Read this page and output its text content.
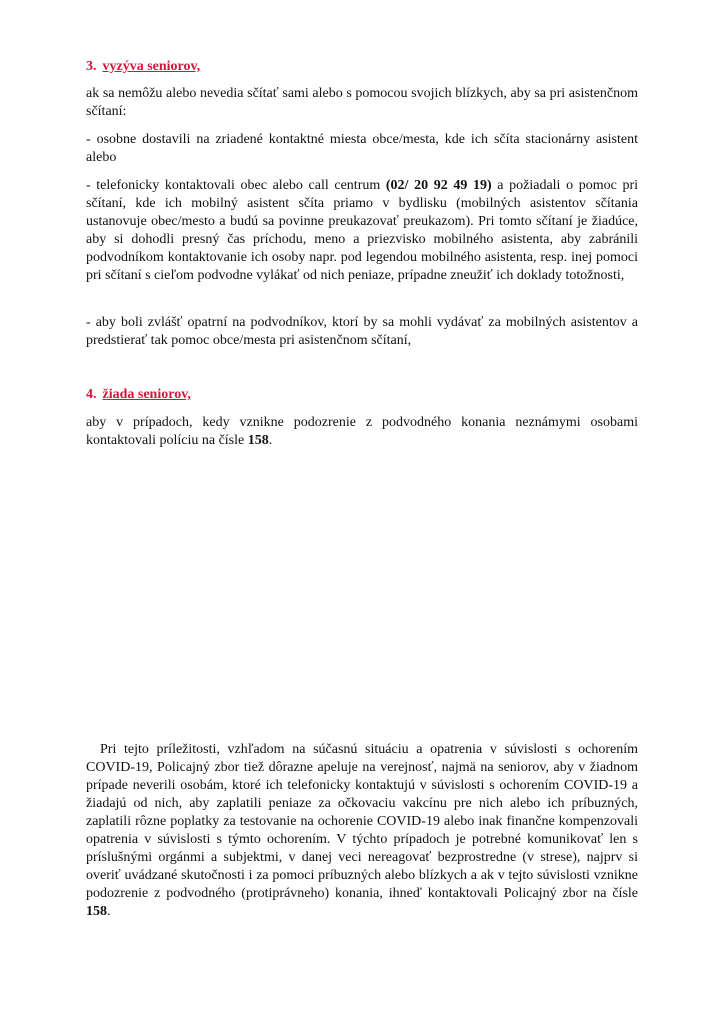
3. vyzýva seniorov,

ak sa nemôžu alebo nevedia sčítať sami alebo s pomocou svojich blízkych, aby sa pri asistenčnom sčítaní:

- osobne dostavili na zriadené kontaktné miesta obce/mesta, kde ich sčíta stacionárny asistent alebo

- telefonicky kontaktovali obec alebo call centrum (02/ 20 92 49 19) a požiadali o pomoc pri sčítaní, kde ich mobilný asistent sčíta priamo v bydlisku (mobilných asistentov sčítania ustanovuje obec/mesto a budú sa povinne preukazovať preukazom). Pri tomto sčítaní je žiadúce, aby si dohodli presný čas príchodu, meno a priezvisko mobilného asistenta, aby zabránili podvodníkom kontaktovanie ich osoby napr. pod legendou mobilného asistenta, resp. inej pomoci pri sčítaní s cieľom podvodne vylákať od nich peniaze, prípadne zneužiť ich doklady totožnosti,

- aby boli zvlášť opatrní na podvodníkov, ktorí by sa mohli vydávať za mobilných asistentov a predstierať tak pomoc obce/mesta pri asistenčnom sčítaní,

4. žiada seniorov,

aby v prípadoch, kedy vznikne podozrenie z podvodného konania neznámymi osobami kontaktovali políciu na čísle 158.

Pri tejto príležitosti, vzhľadom na súčasnú situáciu a opatrenia v súvislosti s ochorením COVID-19, Policajný zbor tiež dôrazne apeluje na verejnosť, najmä na seniorov, aby v žiadnom prípade neverili osobám, ktoré ich telefonicky kontaktujú v súvislosti s ochorením COVID-19 a žiadajú od nich, aby zaplatili peniaze za očkovaciu vakcínu pre nich alebo ich príbuzných, zaplatili rôzne poplatky za testovanie na ochorenie COVID-19 alebo inak finančne kompenzovali opatrenia v súvislosti s týmto ochorením. V týchto prípadoch je potrebné komunikovať len s príslušnými orgánmi a subjektmi, v danej veci nereagovať bezprostredne (v strese), najprv si overiť uvádzané skutočnosti i za pomoci príbuzných alebo blízkych a ak v tejto súvislosti vznikne podozrenie z podvodného (protiprávneho) konania, ihneď kontaktovali Policajný zbor na čísle 158.
